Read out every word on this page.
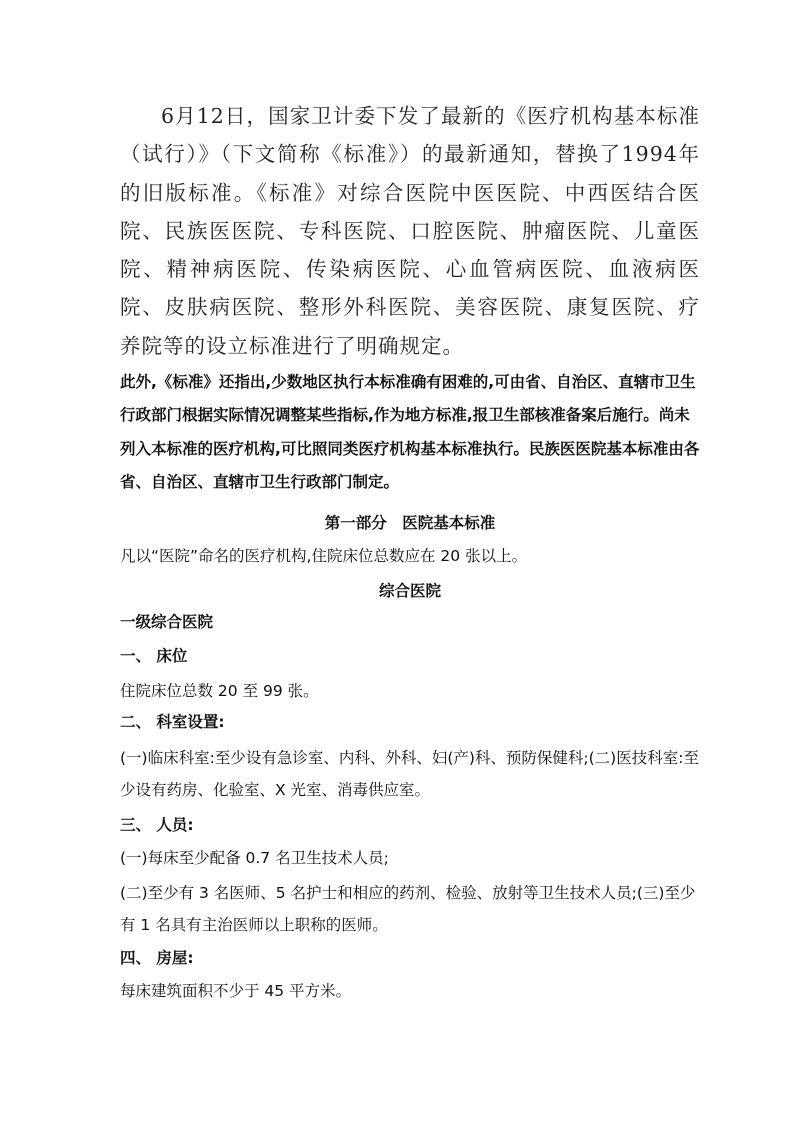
6月12日，国家卫计委下发了最新的《医疗机构基本标准（试行）》（下文简称《标准》）的最新通知，替换了1994年的旧版标准。《标准》对综合医院中医医院、中西医结合医院、民族医医院、专科医院、口腔医院、肿瘤医院、儿童医院、精神病医院、传染病医院、心血管病医院、血液病医院、皮肤病医院、整形外科医院、美容医院、康复医院、疗养院等的设立标准进行了明确规定。

此外,《标准》还指出,少数地区执行本标准确有困难的,可由省、自治区、直辖市卫生行政部门根据实际情况调整某些指标,作为地方标准,报卫生部核准备案后施行。尚未列入本标准的医疗机构,可比照同类医疗机构基本标准执行。民族医医院基本标准由各省、自治区、直辖市卫生行政部门制定。

第一部分　医院基本标准

凡以“医院”命名的医疗机构,住院床位总数应在 20 张以上。

综合医院

一级综合医院

一、 床位

住院床位总数 20 至 99 张。

二、 科室设置:

(一)临床科室:至少设有急诊室、内科、外科、妇(产)科、预防保健科;(二)医技科室:至少设有药房、化验室、X 光室、消毒供应室。

三、 人员:

(一)每床至少配备 0.7 名卫生技术人员;

(二)至少有 3 名医师、5 名护士和相应的药剂、检验、放射等卫生技术人员;(三)至少有 1 名具有主治医师以上职称的医师。

四、 房屋:

每床建筑面积不少于 45 平方米。
